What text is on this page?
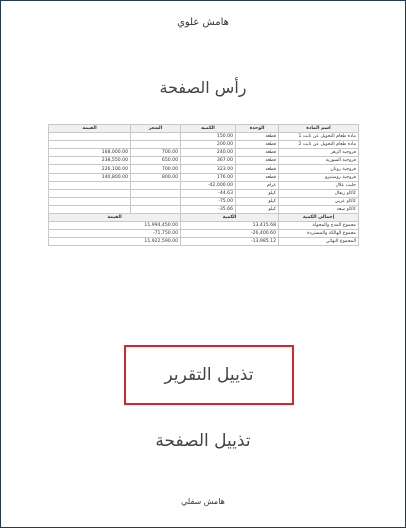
هامش علوي
رأس الصفحة
اسم المادة	الوحدة	الكمية	السعر	القيمة
مادة طعام التحويل عن ثابت 1	قطعه	150.00		
مادة طعام التحويل عن ثابت 2	قطعه	200.00		
فروجية الزهر	قطعه	240.00	700.00	168,000.00
فروجية السورية	قطعه	367.00	650.00	238,550.00
فروجية روتان	قطعه	323.00	700.00	226,100.00
فروجية روستيزو	قطعه	176.00	800.00	140,800.00
حليب علال	غرام	-42,000.00		
كاكاو ريفال	كيلو	-44.63		
كاكاو عربي	كيلو	-75.00		
كاكاو سعد	كيلو	-35.66		
إجمالي الكمية	الكمية		القيمة	
مجموع المدخ والمحولة	13,415.68		11,994,450.00	
مجموع الهالكة والمستردة	-26,400.60		-71,750.00	
المجموع النهائي	-13,985.12		11,922,590.00	
تذييل التقرير
تذييل الصفحة
هامش سفلي
